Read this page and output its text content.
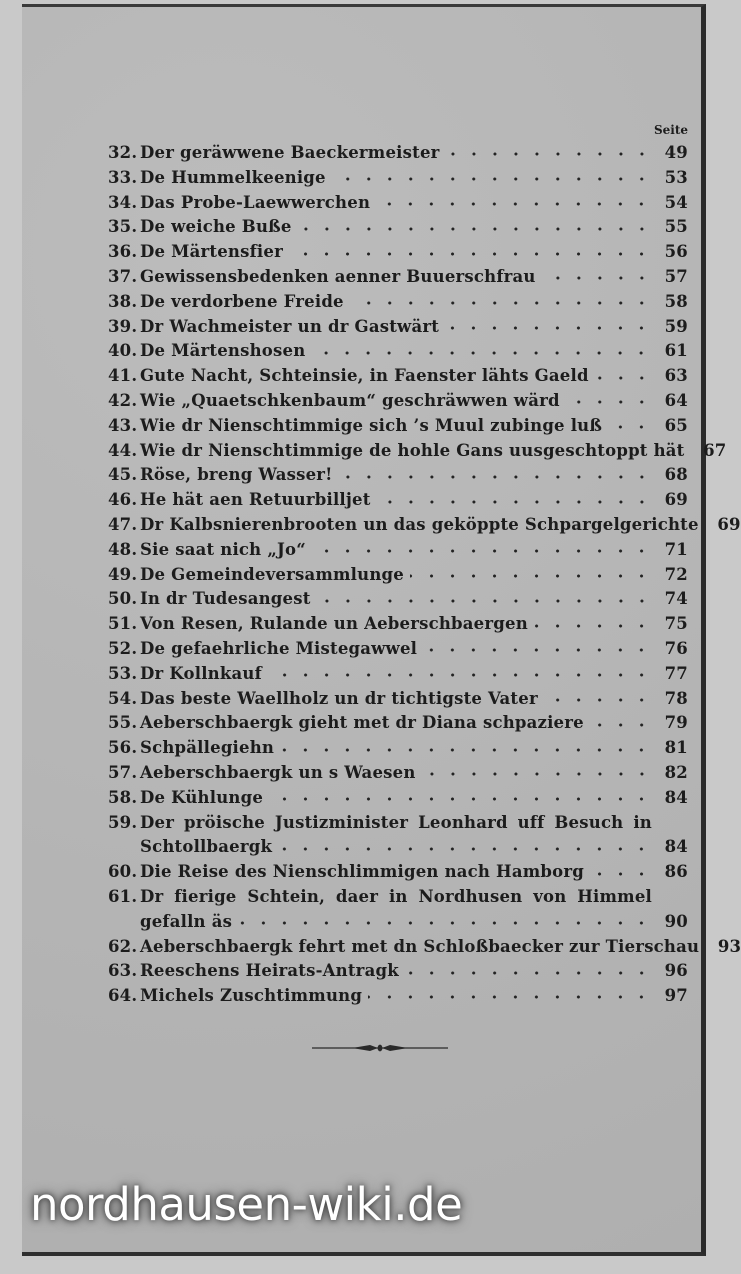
Seite
32. Der geräwwene Baeckermeister	49
33. De Hummelkeenige	53
34. Das Probe-Laewwerchen	54
35. De weiche Buße	55
36. De Märtensfier	56
37. Gewissensbedenken aenner Buuerschfrau	57
38. De verdorbene Freide	58
39. Dr Wachmeister un dr Gastwärt	59
40. De Märtenshosen	61
41. Gute Nacht, Schteinsie, in Faenster lähts Gaeld	63
42. Wie „Quaetschkenbaum“ geschräwwen wärd	64
43. Wie dr Nienschtimmige sich ’s Muul zubinge luß	65
44. Wie dr Nienschtimmige de hohle Gans uusgeschtoppt hät	67
45. Röse, breng Wasser!	68
46. He hät aen Retuurbilljet	69
47. Dr Kalbsnierenbrooten un das geköppte Schpargelgerichte	69
48. Sie saat nich „Jo“	71
49. De Gemeindeversammlunge	72
50. In dr Tudesangest	74
51. Von Resen, Rulande un Aeberschbaergen	75
52. De gefaehrliche Mistegawwel	76
53. Dr Kollnkauf	77
54. Das beste Waellholz un dr tichtigste Vater	78
55. Aeberschbaergk gieht met dr Diana schpaziere	79
56. Schpällegiehn	81
57. Aeberschbaergk un s Waesen	82
58. De Kühlunge	84
59. Der pröische Justizminister Leonhard uff Besuch in
Schtollbaergk	84
60. Die Reise des Nienschlimmigen nach Hamborg	86
61. Dr fierige Schtein, daer in Nordhusen von Himmel
gefalln äs	90
62. Aeberschbaergk fehrt met dn Schloßbaecker zur Tierschau	93
63. Reeschens Heirats-Antragk	96
64. Michels Zuschtimmung	97
nordhausen-wiki.de
